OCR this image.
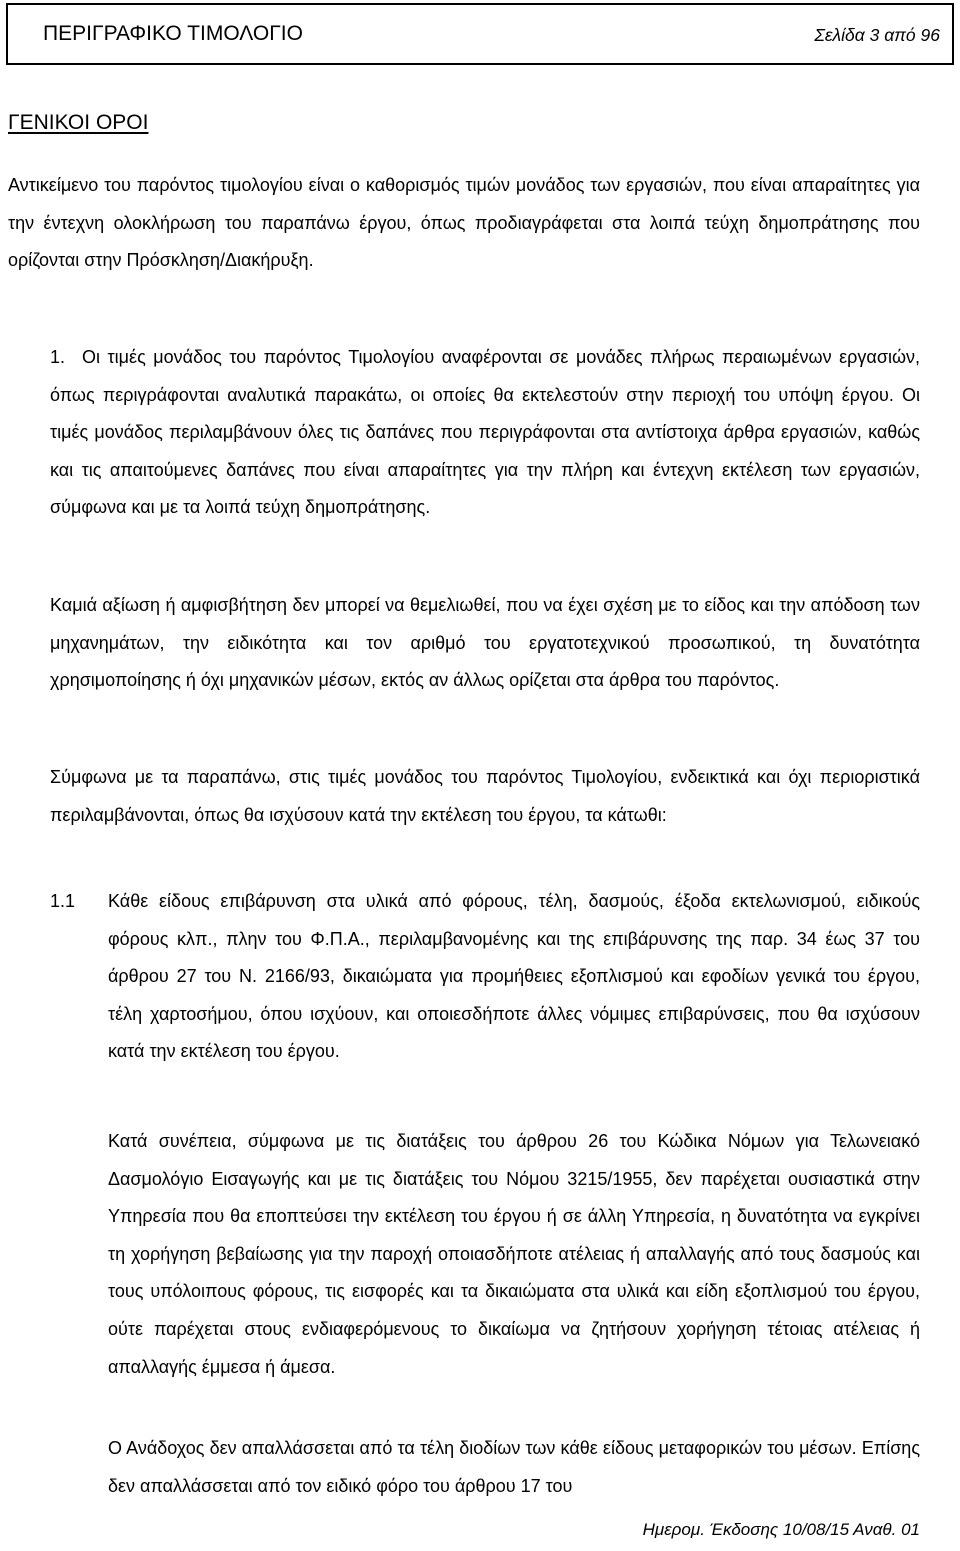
ΠΕΡΙΓΡΑΦΙΚΟ ΤΙΜΟΛΟΓΙΟ	Σελίδα 3 από 96
ΓΕΝΙΚΟΙ ΟΡΟΙ

Αντικείμενο του παρόντος τιμολογίου είναι ο καθορισμός τιμών μονάδος των εργασιών, που είναι απαραίτητες για την έντεχνη ολοκλήρωση του παραπάνω έργου, όπως προδιαγράφεται στα λοιπά τεύχη δημοπράτησης που ορίζονται στην Πρόσκληση/Διακήρυξη.

1. Οι τιμές μονάδος του παρόντος Τιμολογίου αναφέρονται σε μονάδες πλήρως περαιωμένων εργασιών, όπως περιγράφονται αναλυτικά παρακάτω, οι οποίες θα εκτελεστούν στην περιοχή του υπόψη έργου. Οι τιμές μονάδος περιλαμβάνουν όλες τις δαπάνες που περιγράφονται στα αντίστοιχα άρθρα εργασιών, καθώς και τις απαιτούμενες δαπάνες που είναι απαραίτητες για την πλήρη και έντεχνη εκτέλεση των εργασιών, σύμφωνα και με τα λοιπά τεύχη δημοπράτησης.

Καμιά αξίωση ή αμφισβήτηση δεν μπορεί να θεμελιωθεί, που να έχει σχέση με το είδος και την απόδοση των μηχανημάτων, την ειδικότητα και τον αριθμό του εργατοτεχνικού προσωπικού, τη δυνατότητα χρησιμοποίησης ή όχι μηχανικών μέσων, εκτός αν άλλως ορίζεται στα άρθρα του παρόντος.

Σύμφωνα με τα παραπάνω, στις τιμές μονάδος του παρόντος Τιμολογίου, ενδεικτικά και όχι περιοριστικά περιλαμβάνονται, όπως θα ισχύσουν κατά την εκτέλεση του έργου, τα κάτωθι:

1.1 Κάθε είδους επιβάρυνση στα υλικά από φόρους, τέλη, δασμούς, έξοδα εκτελωνισμού, ειδικούς φόρους κλπ., πλην του Φ.Π.Α., περιλαμβανομένης και της επιβάρυνσης της παρ. 34 έως 37 του άρθρου 27 του Ν. 2166/93, δικαιώματα για προμήθειες εξοπλισμού και εφοδίων γενικά του έργου, τέλη χαρτοσήμου, όπου ισχύουν, και οποιεσδήποτε άλλες νόμιμες επιβαρύνσεις, που θα ισχύσουν κατά την εκτέλεση του έργου.

Κατά συνέπεια, σύμφωνα με τις διατάξεις του άρθρου 26 του Κώδικα Νόμων για Τελωνειακό Δασμολόγιο Εισαγωγής και με τις διατάξεις του Νόμου 3215/1955, δεν παρέχεται ουσιαστικά στην Υπηρεσία που θα εποπτεύσει την εκτέλεση του έργου ή σε άλλη Υπηρεσία, η δυνατότητα να εγκρίνει τη χορήγηση βεβαίωσης για την παροχή οποιασδήποτε ατέλειας ή απαλλαγής από τους δασμούς και τους υπόλοιπους φόρους, τις εισφορές και τα δικαιώματα στα υλικά και είδη εξοπλισμού του έργου, ούτε παρέχεται στους ενδιαφερόμενους το δικαίωμα να ζητήσουν χορήγηση τέτοιας ατέλειας ή απαλλαγής έμμεσα ή άμεσα.

Ο Ανάδοχος δεν απαλλάσσεται από τα τέλη διοδίων των κάθε είδους μεταφορικών του μέσων. Επίσης δεν απαλλάσσεται από τον ειδικό φόρο του άρθρου 17 του

Ημερομ. Έκδοσης 10/08/15 Αναθ. 01
